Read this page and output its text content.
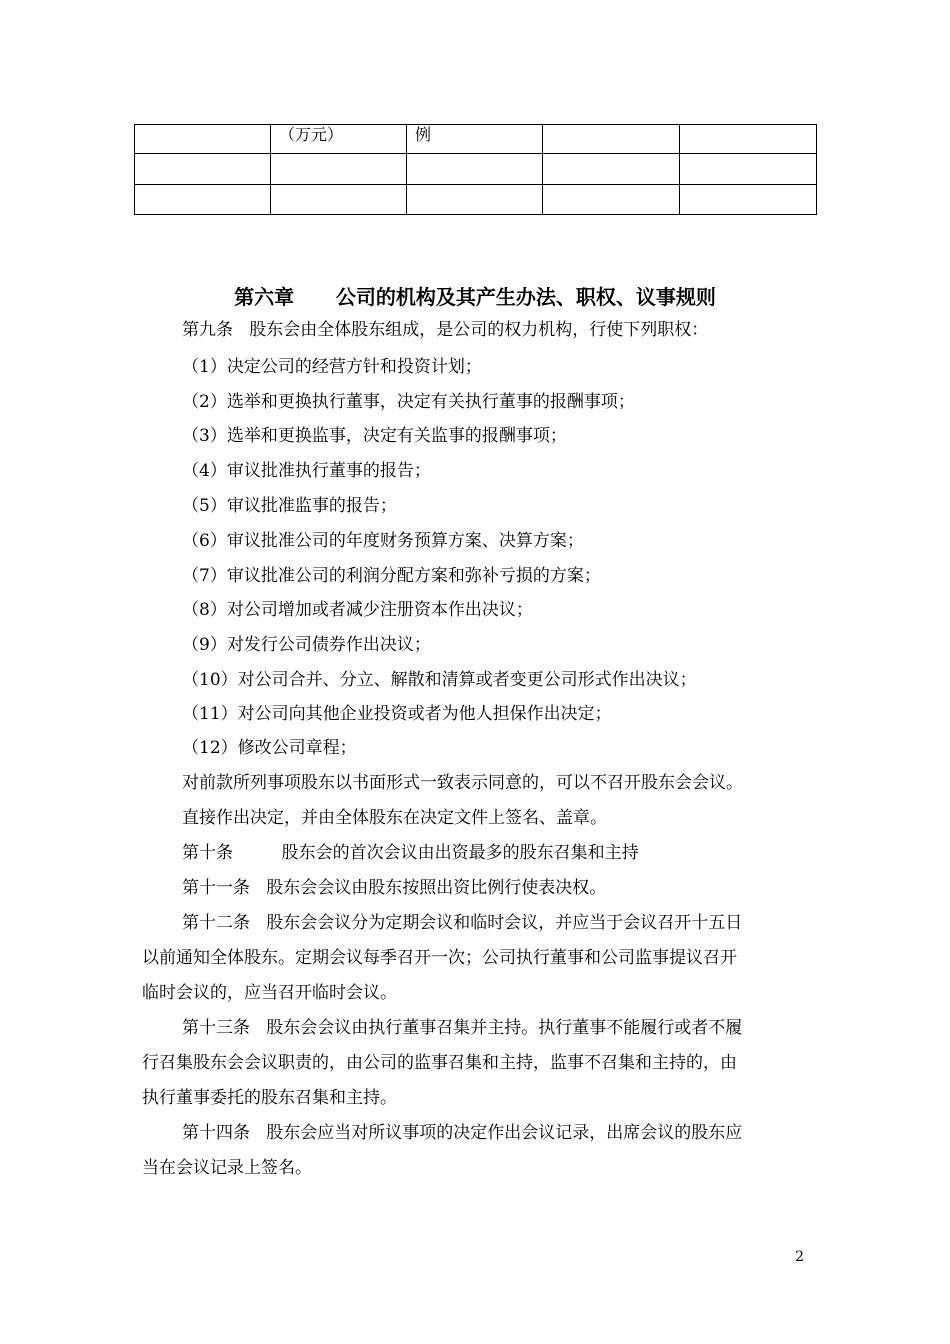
	（万元）	例		

第六章      公司的机构及其产生办法、职权、议事规则
第九条   股东会由全体股东组成，是公司的权力机构，行使下列职权：
（1）决定公司的经营方针和投资计划；
（2）选举和更换执行董事，决定有关执行董事的报酬事项；
（3）选举和更换监事，决定有关监事的报酬事项；
（4）审议批准执行董事的报告；
（5）审议批准监事的报告；
（6）审议批准公司的年度财务预算方案、决算方案；
（7）审议批准公司的利润分配方案和弥补亏损的方案；
（8）对公司增加或者减少注册资本作出决议；
（9）对发行公司债券作出决议；
（10）对公司合并、分立、解散和清算或者变更公司形式作出决议；
（11）对公司向其他企业投资或者为他人担保作出决定；
（12）修改公司章程；
对前款所列事项股东以书面形式一致表示同意的，可以不召开股东会会议。
直接作出决定，并由全体股东在决定文件上签名、盖章。
第十条         股东会的首次会议由出资最多的股东召集和主持
第十一条   股东会会议由股东按照出资比例行使表决权。
第十二条   股东会会议分为定期会议和临时会议，并应当于会议召开十五日
以前通知全体股东。定期会议每季召开一次；公司执行董事和公司监事提议召开
临时会议的，应当召开临时会议。
第十三条   股东会会议由执行董事召集并主持。执行董事不能履行或者不履
行召集股东会会议职责的，由公司的监事召集和主持，监事不召集和主持的，由
执行董事委托的股东召集和主持。
第十四条   股东会应当对所议事项的决定作出会议记录，出席会议的股东应
当在会议记录上签名。
2
